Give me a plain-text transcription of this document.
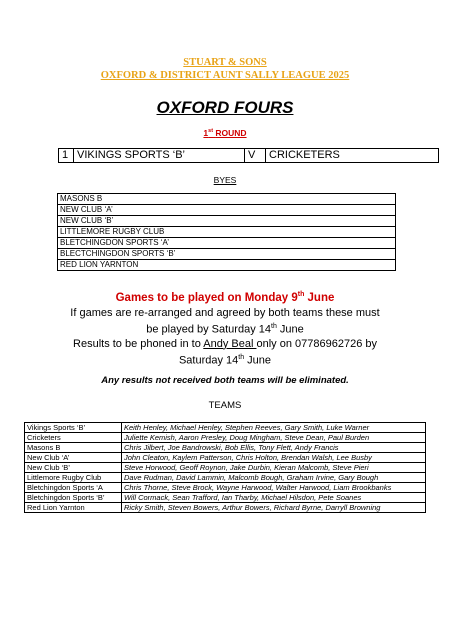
STUART & SONS
OXFORD & DISTRICT AUNT SALLY LEAGUE 2025
OXFORD FOURS
1st ROUND
1 VIKINGS SPORTS ‘B’	V	CRICKETERS
BYES
MASONS B
NEW CLUB ‘A’
NEW CLUB ‘B’
LITTLEMORE RUGBY CLUB
BLETCHINGDON SPORTS ‘A’
BLECTCHINGDON SPORTS ‘B’
RED LION YARNTON
Games to be played on Monday 9th June
If games are re-arranged and agreed by both teams these must
be played by Saturday 14th June
Results to be phoned in to Andy Beal only on 07786962726 by
Saturday 14th June
Any results not received both teams will be eliminated.
TEAMS
Vikings Sports ‘B’	Keith Henley, Michael Henley, Stephen Reeves, Gary Smith, Luke Warner
Cricketers	Juliette Kemish, Aaron Presley, Doug Mingham, Steve Dean, Paul Burden
Masons B	Chris Jilbert, Joe Bandrowski, Bob Ellis, Tony Flett, Andy Francis
New Club ‘A’	John Cleaton, Kaylem Patterson, Chris Holton, Brendan Walsh, Lee Busby
New Club ‘B’	Steve Horwood, Geoff Roynon, Jake Durbin, Kieran Malcomb, Steve Pieri
Littlemore Rugby Club	Dave Rudman, David Lammin, Malcomb Bough, Graham Irvine, Gary Bough
Bletchingdon Sports ‘A	Chris Thorne, Steve Brock, Wayne Harwood, Walter Harwood, Liam Brookbanks
Bletchingdon Sports ‘B’	Will Cormack, Sean Trafford, Ian Tharby, Michael Hilsdon, Pete Soanes
Red Lion Yarnton	Ricky Smith, Steven Bowers, Arthur Bowers, Richard Byrne, Darryll Browning
